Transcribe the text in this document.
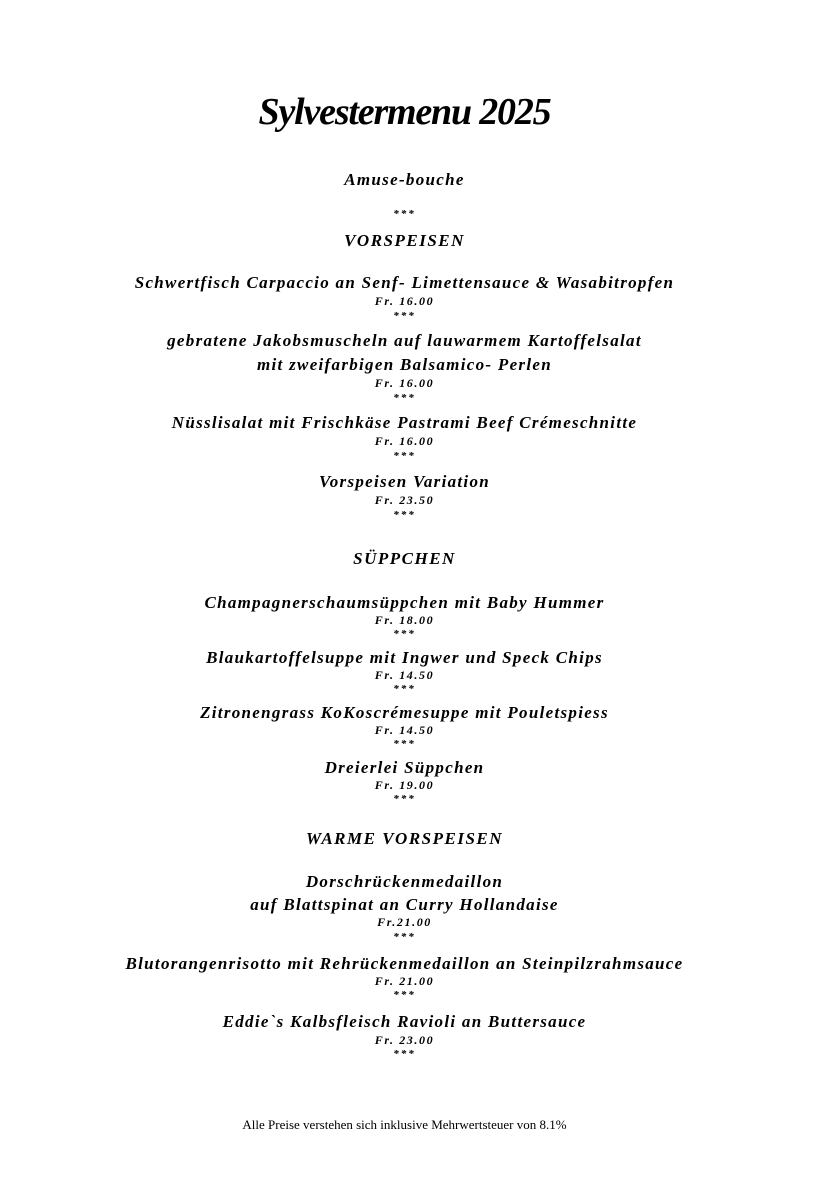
Sylvestermenu 2025
Amuse-bouche
***
VORSPEISEN
Schwertfisch Carpaccio an Senf- Limettensauce & Wasabitropfen
Fr. 16.00
***
gebratene Jakobsmuscheln auf lauwarmem Kartoffelsalat
mit zweifarbigen Balsamico- Perlen
Fr. 16.00
***
Nüsslisalat mit Frischkäse Pastrami Beef Crémeschnitte
Fr. 16.00
***
Vorspeisen Variation
Fr. 23.50
***
SÜPPCHEN
Champagnerschaumsüppchen mit Baby Hummer
Fr. 18.00
***
Blaukartoffelsuppe mit Ingwer und Speck Chips
Fr. 14.50
***
Zitronengrass KoKoscrémesuppe mit Pouletspiess
Fr. 14.50
***
Dreierlei Süppchen
Fr. 19.00
***
WARME VORSPEISEN
Dorschrückenmedaillon
auf Blattspinat an Curry Hollandaise
Fr.21.00
***
Blutorangenrisotto mit Rehrückenmedaillon an Steinpilzrahmsauce
Fr. 21.00
***
Eddie`s Kalbsfleisch Ravioli an Buttersauce
Fr. 23.00
***
Alle Preise verstehen sich inklusive Mehrwertsteuer von 8.1%
